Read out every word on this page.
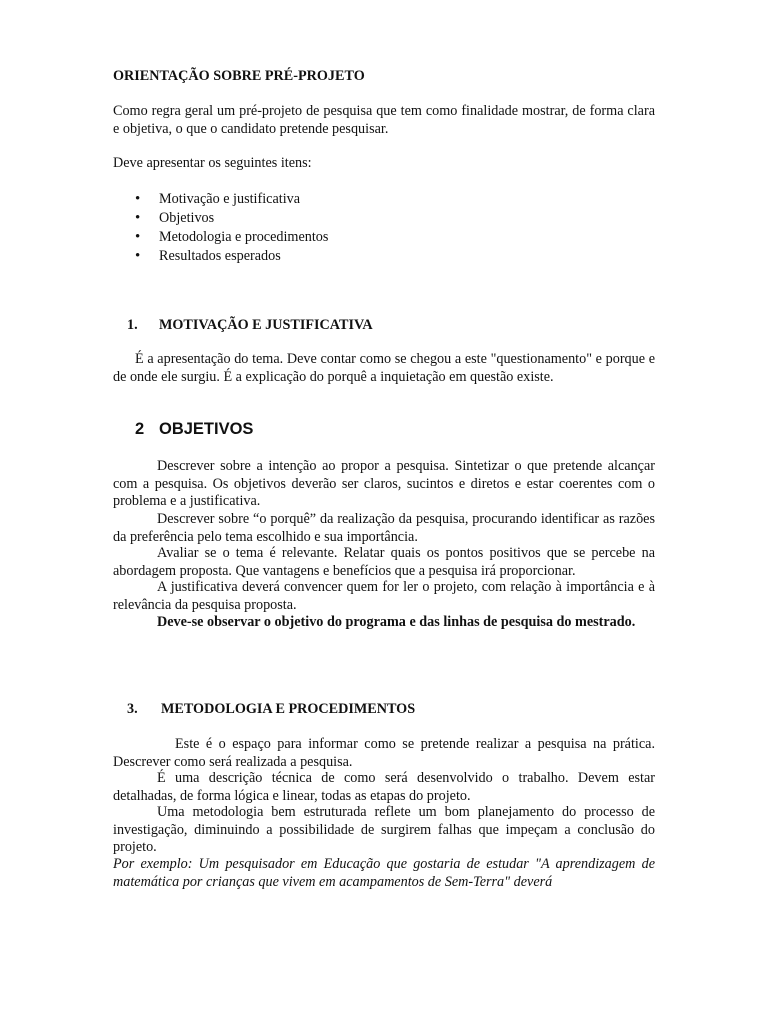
ORIENTAÇÃO SOBRE PRÉ-PROJETO

Como regra geral um pré-projeto de pesquisa que tem como finalidade mostrar, de forma clara e objetiva, o que o candidato pretende pesquisar.

Deve apresentar os seguintes itens:

• Motivação e justificativa
• Objetivos
• Metodologia e procedimentos
• Resultados esperados

1. MOTIVAÇÃO E JUSTIFICATIVA

É a apresentação do tema. Deve contar como se chegou a este "questionamento" e porque e de onde ele surgiu. É a explicação do porquê a inquietação em questão existe.

2 OBJETIVOS

Descrever sobre a intenção ao propor a pesquisa. Sintetizar o que pretende alcançar com a pesquisa. Os objetivos deverão ser claros, sucintos e diretos e estar coerentes com o problema e a justificativa.

Descrever sobre “o porquê” da realização da pesquisa, procurando identificar as razões da preferência pelo tema escolhido e sua importância.

Avaliar se o tema é relevante. Relatar quais os pontos positivos que se percebe na abordagem proposta. Que vantagens e benefícios que a pesquisa irá proporcionar.

A justificativa deverá convencer quem for ler o projeto, com relação à importância e à relevância da pesquisa proposta.

Deve-se observar o objetivo do programa e das linhas de pesquisa do mestrado.

3. METODOLOGIA E PROCEDIMENTOS

Este é o espaço para informar como se pretende realizar a pesquisa na prática. Descrever como será realizada a pesquisa.

É uma descrição técnica de como será desenvolvido o trabalho. Devem estar detalhadas, de forma lógica e linear, todas as etapas do projeto.

Uma metodologia bem estruturada reflete um bom planejamento do processo de investigação, diminuindo a possibilidade de surgirem falhas que impeçam a conclusão do projeto.

Por exemplo: Um pesquisador em Educação que gostaria de estudar "A aprendizagem de matemática por crianças que vivem em acampamentos de Sem-Terra" deverá
